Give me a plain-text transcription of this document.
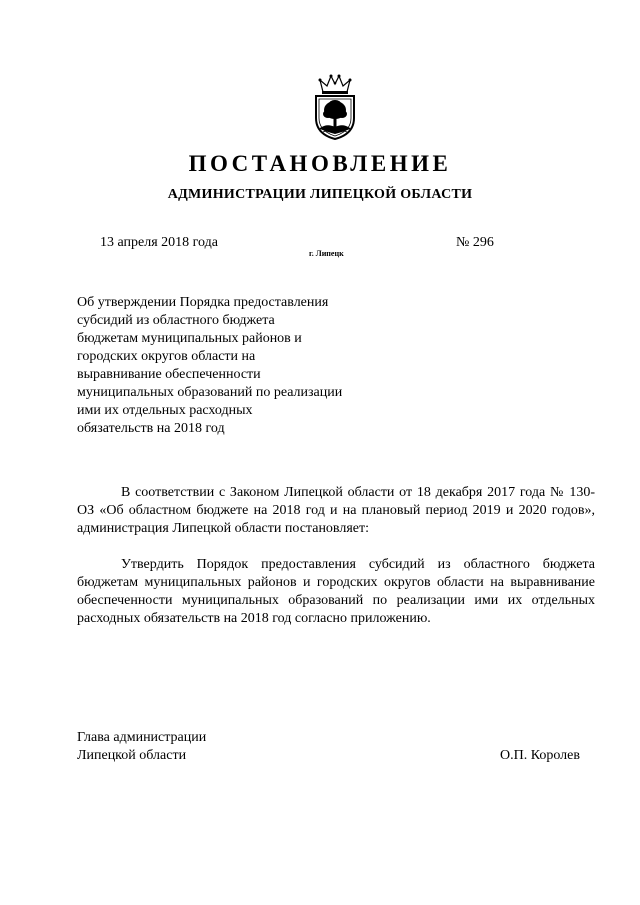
ПОСТАНОВЛЕНИЕ
АДМИНИСТРАЦИИ ЛИПЕЦКОЙ ОБЛАСТИ
13 апреля 2018 года
г. Липецк
№ 296
Об утверждении Порядка предоставления
субсидий из областного бюджета
бюджетам муниципальных районов и
городских округов области на
выравнивание обеспеченности
муниципальных образований по реализации
ими их отдельных расходных
обязательств на 2018 год
В соответствии с Законом Липецкой области от 18 декабря 2017 года № 130-ОЗ «Об областном бюджете на 2018 год и на плановый период 2019 и 2020 годов», администрация Липецкой области постановляет:
Утвердить Порядок предоставления субсидий из областного бюджета бюджетам муниципальных районов и городских округов области на выравнивание обеспеченности муниципальных образований по реализации ими их отдельных расходных обязательств на 2018 год согласно приложению.
Глава администрации
Липецкой области	О.П. Королев
